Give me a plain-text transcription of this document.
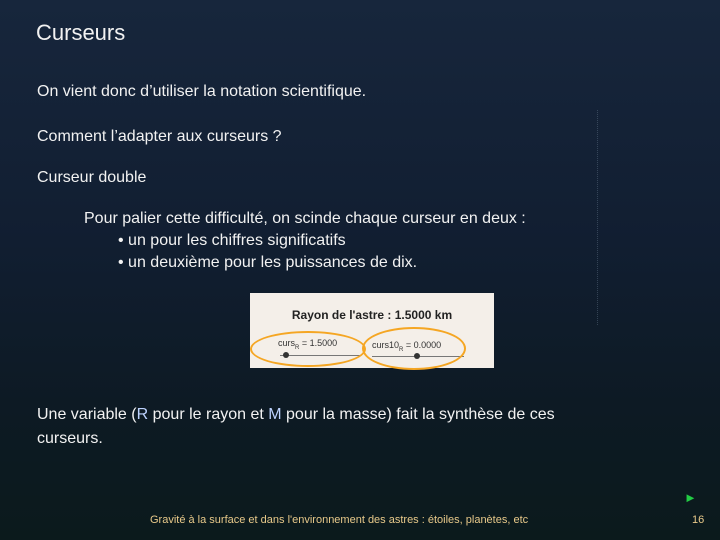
Curseurs
On vient donc d’utiliser la notation scientifique.
Comment l’adapter aux curseurs ?
Curseur double
Pour palier cette difficulté, on scinde chaque curseur en deux :
• un pour les chiffres significatifs
• un deuxième pour les puissances de dix.
Rayon de l'astre : 1.5000 km
curs$_R$ = 1.5000	$curs10_R = 0.0000$
Une variable (R pour le rayon et M pour la masse) fait la synthèse de ces
curseurs.
►
Gravité à la surface et dans l'environnement des astres : étoiles, planètes, etc	16
